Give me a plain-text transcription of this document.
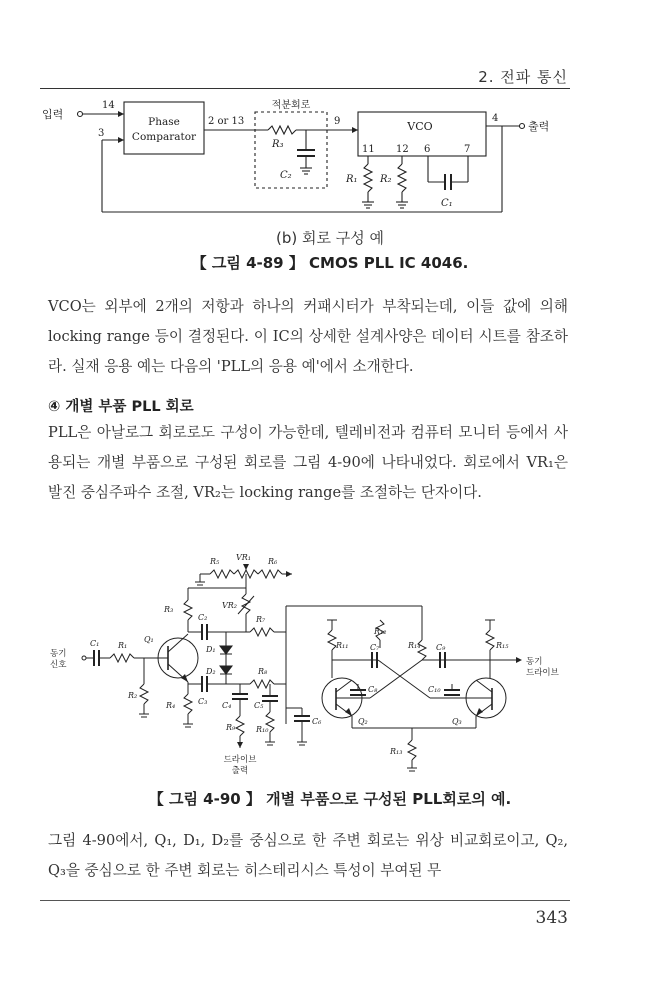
2. 전파 통신
입력
14
3
Phase
Comparator
2 or 13
적분회로
R₃
C₂
9	VCO
4
출력
11 12 6	7
R₁ R₂
C₁
(b) 회로 구성 예
【 그림 4-89 】 CMOS PLL IC 4046.

VCO는 외부에 2개의 저항과 하나의 커패시터가 부착되는데, 이들 값에 의해 locking range 등이 결정된다. 이 IC의 상세한 설계사양은 데이터 시트를 참조하라. 실재 응용 예는 다음의 'PLL의 응용 예'에서 소개한다.

④ 개별 부품 PLL 회로

PLL은 아날로그 회로로도 구성이 가능한데, 텔레비전과 컴퓨터 모니터 등에서 사용되는 개별 부품으로 구성된 회로를 그림 4-90에 나타내었다. 회로에서 VR₁은 발진 중심주파수 조절, VR₂는 locking range를 조절하는 단자이다.

R₅ VR₁ R₆
R₃
C₂
VR₂
R₇
C₁ R₁
Q₁
D₁
D₂	R₈
R₂
R₄	C₃ C₄	C₅
C₆
R₉	R₁₀
R₁₁
R₁₂
C₇	R₁₄ C₉	R₁₅
C₈	C₁₀
Q₂	Q₃
R₁₃
동기
신호
드라이브
출력
동기
드라이브
【 그림 4-90 】 개별 부품으로 구성된 PLL회로의 예.

그림 4-90에서, Q₁, D₁, D₂를 중심으로 한 주변 회로는 위상 비교회로이고, Q₂, Q₃을 중심으로 한 주변 회로는 히스테리시스 특성이 부여된 무

343
